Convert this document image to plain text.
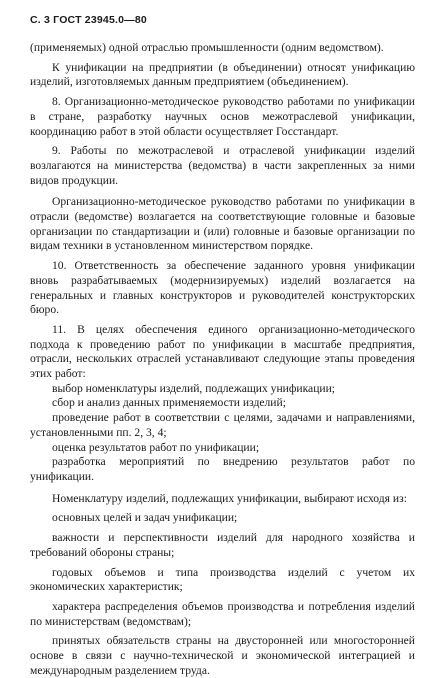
С. 3 ГОСТ 23945.0—80

(применяемых) одной отраслью промышленности (одним ведомством).

К унификации на предприятии (в объединении) относят унификацию изделий, изготовляемых данным предприятием (объединением).

8. Организационно-методическое руководство работами по унификации в стране, разработку научных основ межотраслевой унификации, координацию работ в этой области осуществляет Госстандарт.

9. Работы по межотраслевой и отраслевой унификации изделий возлагаются на министерства (ведомства) в части закрепленных за ними видов продукции.

Организационно-методическое руководство работами по унификации в отрасли (ведомстве) возлагается на соответствующие головные и базовые организации по стандартизации и (или) головные и базовые организации по видам техники в установленном министерством порядке.

10. Ответственность за обеспечение заданного уровня унификации вновь разрабатываемых (модернизируемых) изделий возлагается на генеральных и главных конструкторов и руководителей конструкторских бюро.

11. В целях обеспечения единого организационно-методического подхода к проведению работ по унификации в масштабе предприятия, отрасли, нескольких отраслей устанавливают следующие этапы проведения этих работ:

выбор номенклатуры изделий, подлежащих унификации;

сбор и анализ данных применяемости изделий;

проведение работ в соответствии с целями, задачами и направлениями, установленными пп. 2, 3, 4;

оценка результатов работ по унификации;

разработка мероприятий по внедрению результатов работ по унификации.

Номенклатуру изделий, подлежащих унификации, выбирают исходя из:

основных целей и задач унификации;

важности и перспективности изделий для народного хозяйства и требований обороны страны;

годовых объемов и типа производства изделий с учетом их экономических характеристик;

характера распределения объемов производства и потребления изделий по министерствам (ведомствам);

принятых обязательств страны на двусторонней или многосторонней основе в связи с научно-технической и экономической интеграцией и международным разделением труда.
